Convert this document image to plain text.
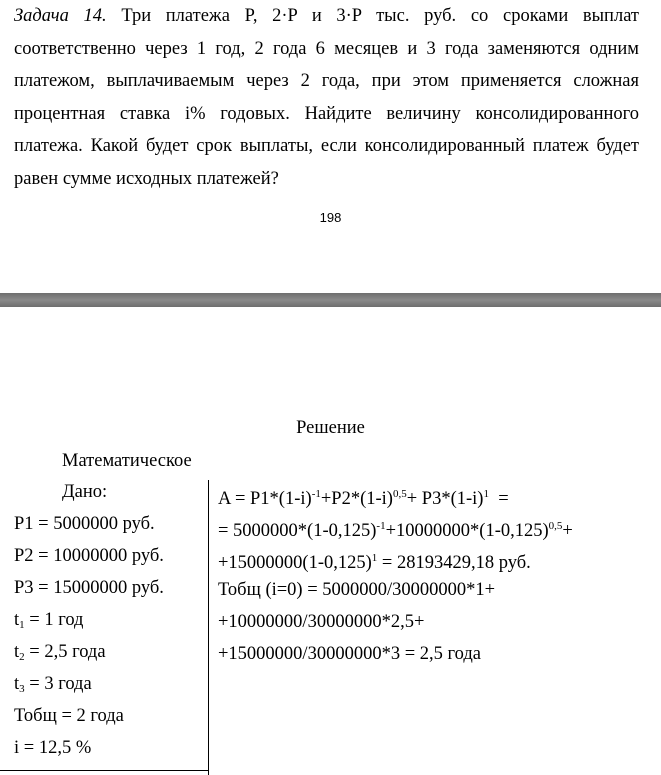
Задача 14. Три платежа P, 2·P и 3·P тыс. руб. со сроками выплат соответственно через 1 год, 2 года 6 месяцев и 3 года заменяются одним платежом, выплачиваемым через 2 года, при этом применяется сложная процентная ставка i% годовых. Найдите величину консолидированного платежа. Какой будет срок выплаты, если консолидированный платеж будет равен сумме исходных платежей?
198
Решение
Математическое
Дано:
P1 = 5000000 руб.
P2 = 10000000 руб.
P3 = 15000000 руб.
$t_1 = 1$ год
$t_2 = 2,5$ года
$t_3 = 3$ года
Тобщ = 2 года
i = 12,5 %
$A = P1*(1-i)^{-1}+P2*(1-i)^{0,5}+ P3*(1-i)^1$  =
= $5000000*(1-0,125)^{-1}+10000000*(1-0,125)^{0,5}+$
$+15000000(1-0,125)^1 = 28193429,18$ руб.
Тобщ (i=0) = 5000000/30000000*1+
+10000000/30000000*2,5+
+15000000/30000000*3 = 2,5 года
